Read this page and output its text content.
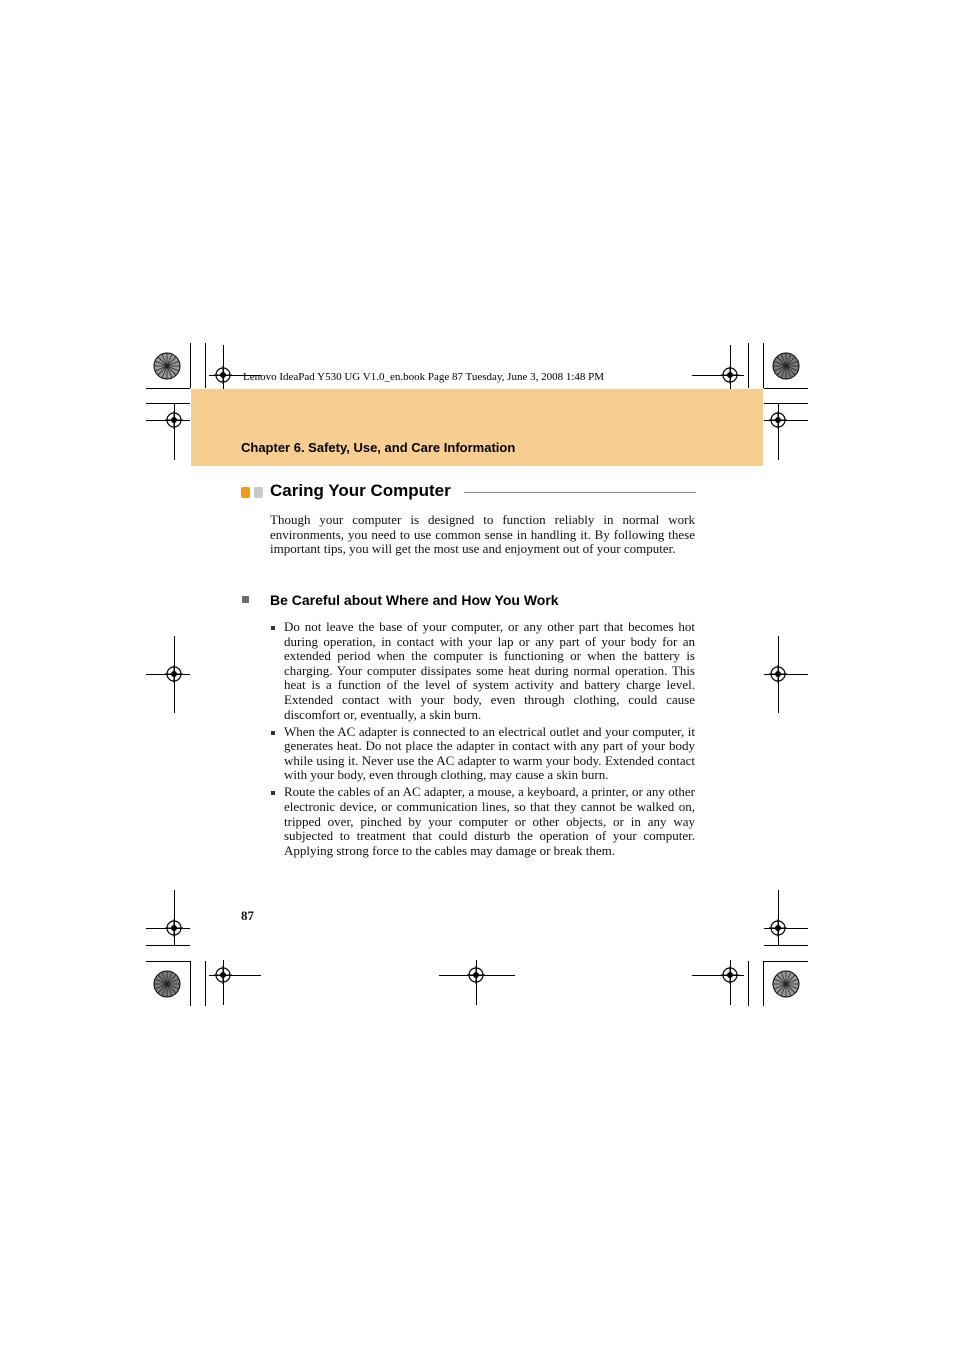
Lenovo IdeaPad Y530 UG V1.0_en.book Page 87 Tuesday, June 3, 2008 1:48 PM
Chapter 6. Safety, Use, and Care Information
Caring Your Computer

Though your computer is designed to function reliably in normal work environments, you need to use common sense in handling it. By following these important tips, you will get the most use and enjoyment out of your computer.

Be Careful about Where and How You Work
Do not leave the base of your computer, or any other part that becomes hot during operation, in contact with your lap or any part of your body for an extended period when the computer is functioning or when the battery is charging. Your computer dissipates some heat during normal operation. This heat is a function of the level of system activity and battery charge level. Extended contact with your body, even through clothing, could cause discomfort or, eventually, a skin burn.
When the AC adapter is connected to an electrical outlet and your computer, it generates heat. Do not place the adapter in contact with any part of your body while using it. Never use the AC adapter to warm your body. Extended contact with your body, even through clothing, may cause a skin burn.
Route the cables of an AC adapter, a mouse, a keyboard, a printer, or any other electronic device, or communication lines, so that they cannot be walked on, tripped over, pinched by your computer or other objects, or in any way subjected to treatment that could disturb the operation of your computer. Applying strong force to the cables may damage or break them.
87
